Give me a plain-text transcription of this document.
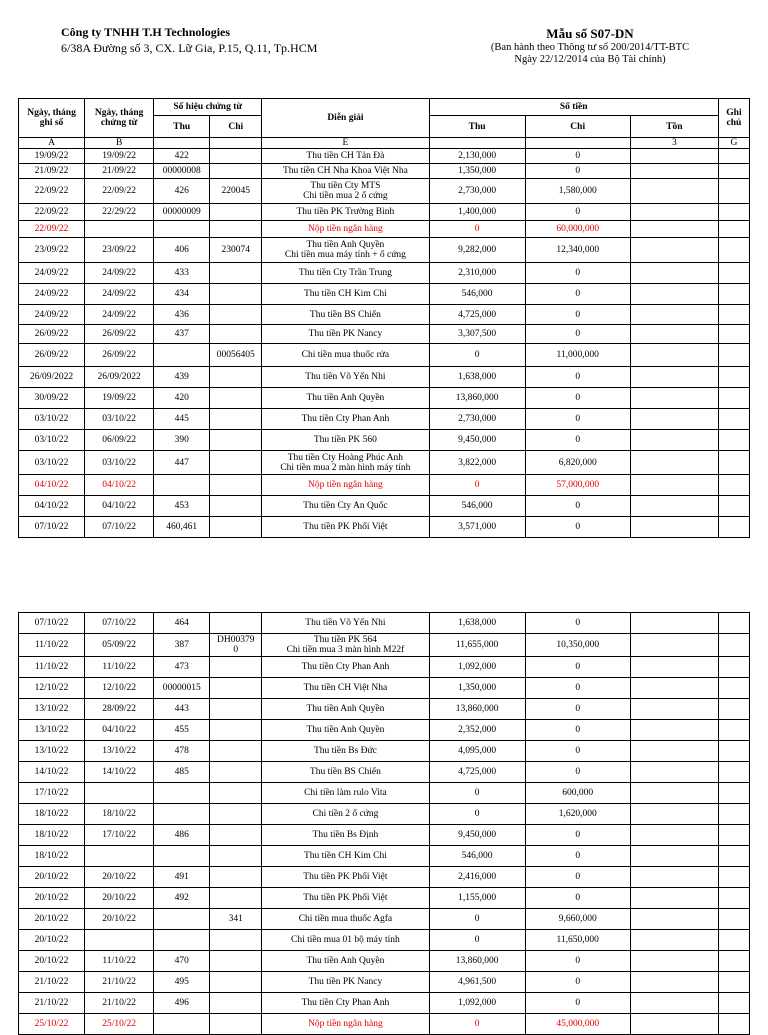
Công ty TNHH T.H Technologies
6/38A Đường số 3, CX. Lữ Gia, P.15, Q.11, Tp.HCM
Mẫu số S07-DN
(Ban hành theo Thông tư số 200/2014/TT-BTC
Ngày 22/12/2014 của Bộ Tài chính)
Ngày, tháng ghi số	Ngày, tháng chứng từ	Số hiệu chứng từ		Diễn giải	Số tiền			Ghi chú
		Thu	Chi		Thu	Chi	Tồn	
A	B			E			3	G
19/09/22	19/09/22	422		Thu tiền CH Tản Đà	2,130,000	0		
21/09/22	21/09/22	00000008		Thu tiền CH Nha Khoa Việt Nha	1,350,000	0		
22/09/22	22/09/22	426	220045	Thu tiền Cty MTS
Chi tiền mua 2 ổ cứng	2,730,000	1,580,000		
22/09/22	22/29/22	00000009		Thu tiền PK Trường Bình	1,400,000	0		
22/09/22				Nộp tiền ngân hàng	0	60,000,000		
23/09/22	23/09/22	406	230074	Thu tiền Anh Quyền
Chi tiền mua máy tính + ổ cứng	9,282,000	12,340,000		
24/09/22	24/09/22	433		Thu tiền Cty Trần Trung	2,310,000	0		
24/09/22	24/09/22	434		Thu tiền CH Kim Chi	546,000	0		
24/09/22	24/09/22	436		Thu tiền BS Chiến	4,725,000	0		
26/09/22	26/09/22	437		Thu tiền PK Nancy	3,307,500	0		
26/09/22	26/09/22		00056405	Chi tiền mua thuốc rửa	0	11,000,000		
26/09/2022	26/09/2022	439		Thu tiền Võ Yến Nhi	1,638,000	0		
30/09/22	19/09/22	420		Thu tiền Anh Quyền	13,860,000	0		
03/10/22	03/10/22	445		Thu tiền Cty Phan Anh	2,730,000	0		
03/10/22	06/09/22	390		Thu tiền PK 560	9,450,000	0		
03/10/22	03/10/22	447		Thu tiền Cty Hoàng Phúc Anh
Chi tiền mua 2 màn hình máy tính	3,822,000	6,820,000		
04/10/22	04/10/22			Nộp tiền ngân hàng	0	57,000,000		
04/10/22	04/10/22	453		Thu tiền Cty An Quốc	546,000	0		
07/10/22	07/10/22	460,461		Thu tiền PK Phối Việt	3,571,000	0		
07/10/22	07/10/22	464		Thu tiền Võ Yến Nhi	1,638,000	0		
11/10/22	05/09/22	387	DH00379
0	Thu tiền PK 564
Chi tiền mua 3 màn hình M22f	11,655,000	10,350,000		
11/10/22	11/10/22	473		Thu tiền Cty Phan Anh	1,092,000	0		
12/10/22	12/10/22	00000015		Thu tiền CH Việt Nha	1,350,000	0		
13/10/22	28/09/22	443		Thu tiền Anh Quyền	13,860,000	0		
13/10/22	04/10/22	455		Thu tiền Anh Quyền	2,352,000	0		
13/10/22	13/10/22	478		Thu tiền Bs Đức	4,095,000	0		
14/10/22	14/10/22	485		Thu tiền BS Chiến	4,725,000	0		
17/10/22				Chi tiền làm rulo Vita	0	600,000		
18/10/22	18/10/22			Chi tiền 2 ổ cứng	0	1,620,000		
18/10/22	17/10/22	486		Thu tiền Bs Định	9,450,000	0		
18/10/22				Thu tiền CH Kim Chi	546,000	0		
20/10/22	20/10/22	491		Thu tiền PK Phối Việt	2,416,000	0		
20/10/22	20/10/22	492		Thu tiền PK Phối Việt	1,155,000	0		
20/10/22	20/10/22		341	Chi tiền mua thuốc Agfa	0	9,660,000		
20/10/22				Chi tiền mua 01 bộ máy tính	0	11,650,000		
20/10/22	11/10/22	470		Thu tiền Anh Quyền	13,860,000	0		
21/10/22	21/10/22	495		Thu tiền PK Nancy	4,961,500	0		
21/10/22	21/10/22	496		Thu tiền Cty Phan Anh	1,092,000	0		
25/10/22	25/10/22			Nộp tiền ngân hàng	0	45,000,000		
